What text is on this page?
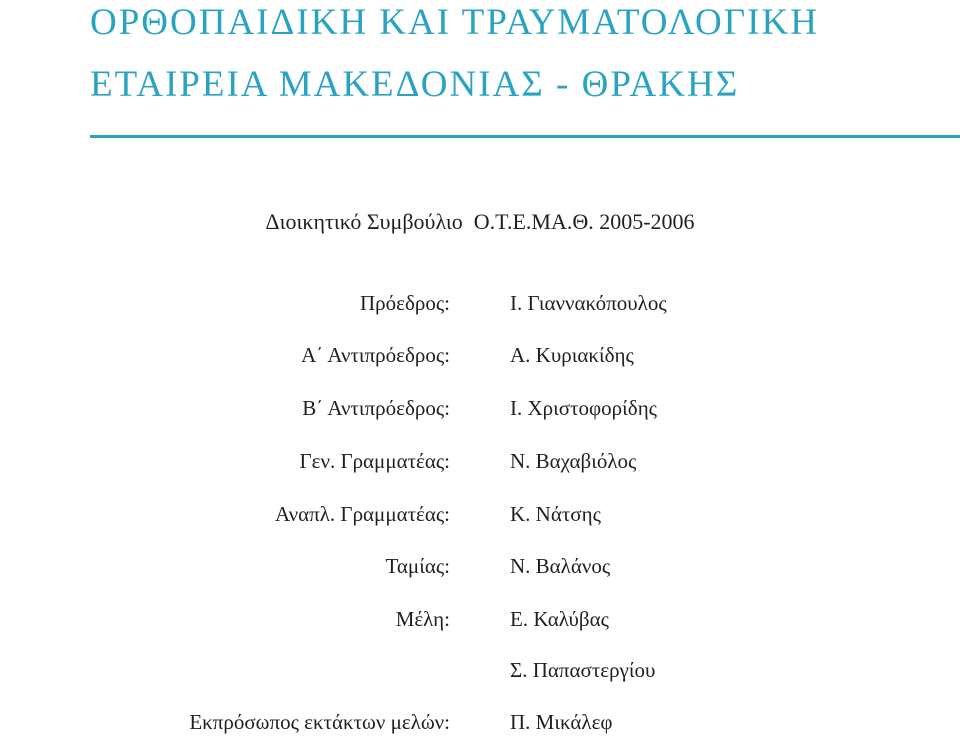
ΟΡΘΟΠΑΙΔΙΚΗ ΚΑΙ ΤΡΑΥΜΑΤΟΛΟΓΙΚΗ
ΕΤΑΙΡΕΙΑ ΜΑΚΕΔΟΝΙΑΣ - ΘΡΑΚΗΣ
Διοικητικό Συμβούλιο Ο.Τ.Ε.ΜΑ.Θ. 2005-2006
Πρόεδρος:	Ι. Γιαννακόπουλος
Α΄ Αντιπρόεδρος:	Α. Κυριακίδης
Β΄ Αντιπρόεδρος:	Ι. Χριστοφορίδης
Γεν. Γραμματέας:	Ν. Βαχαβιόλος
Αναπλ. Γραμματέας:	Κ. Νάτσης
Ταμίας:	Ν. Βαλάνος
Μέλη:	Ε. Καλύβας
Σ. Παπαστεργίου
Εκπρόσωπος εκτάκτων μελών:	Π. Μικάλεφ
